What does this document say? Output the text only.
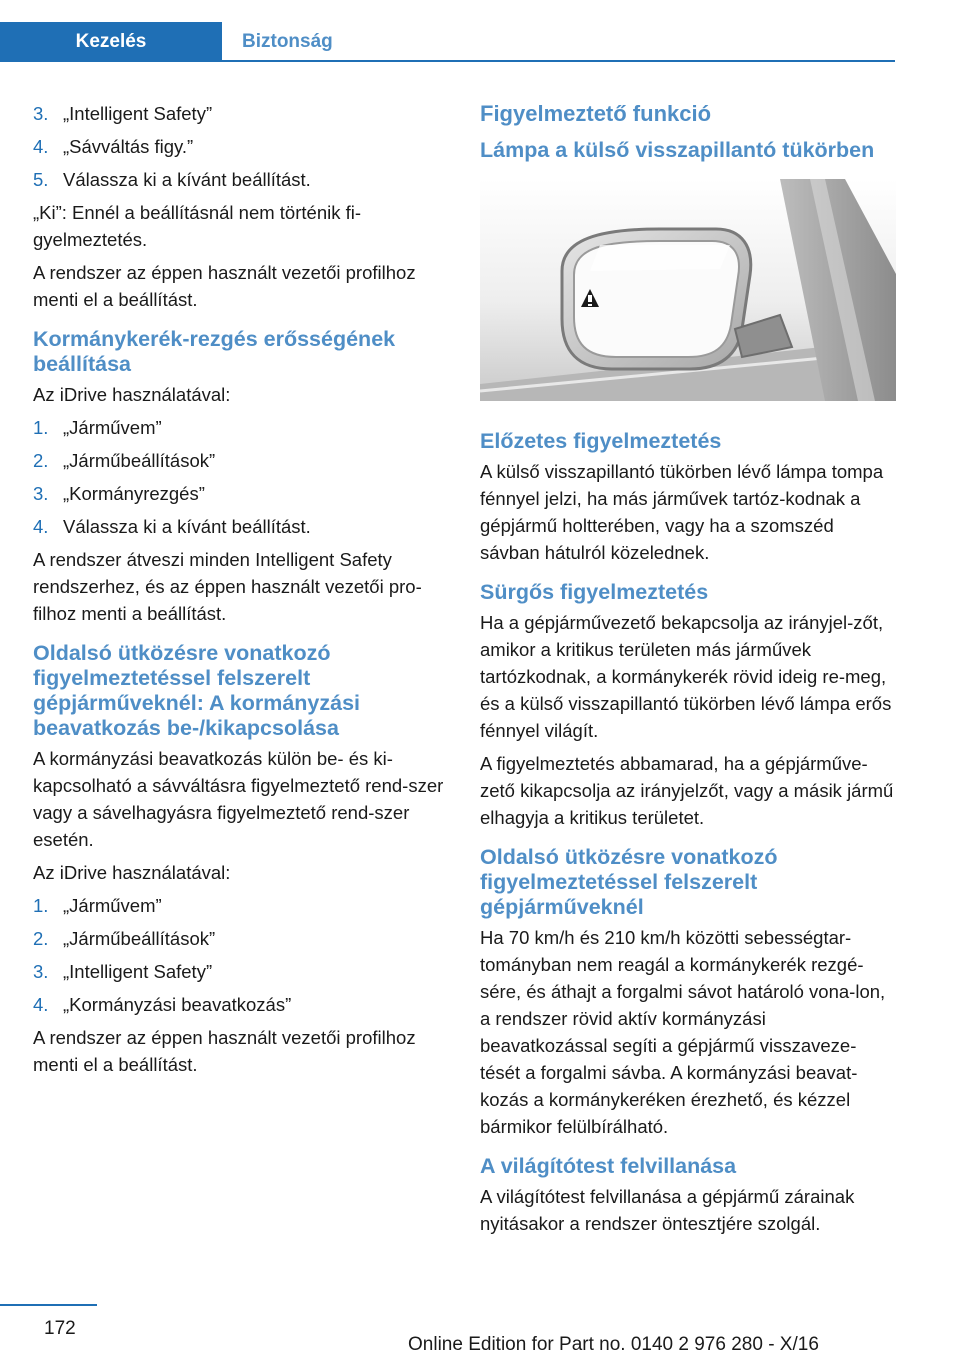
Kezelés	Biztonság
3. „Intelligent Safety”
4. „Sávváltás figy.”
5. Válassza ki a kívánt beállítást.

„Ki”: Ennél a beállításnál nem történik fi-gyelmeztetés.

A rendszer az éppen használt vezetői profilhoz menti el a beállítást.

Kormánykerék-rezgés erősségének beállítása

Az iDrive használatával:

1. „Járművem”
2. „Járműbeállítások”
3. „Kormányrezgés”
4. Válassza ki a kívánt beállítást.

A rendszer átveszi minden Intelligent Safety rendszerhez, és az éppen használt vezetői pro-filhoz menti a beállítást.

Oldalsó ütközésre vonatkozó figyelmeztetéssel felszerelt gépjárműveknél: A kormányzási beavatkozás be-/kikapcsolása

A kormányzási beavatkozás külön be- és ki-kapcsolható a sávváltásra figyelmeztető rend-szer vagy a sávelhagyásra figyelmeztető rend-szer esetén.

Az iDrive használatával:

1. „Járművem”
2. „Járműbeállítások”
3. „Intelligent Safety”
4. „Kormányzási beavatkozás”

A rendszer az éppen használt vezetői profilhoz menti el a beállítást.

Figyelmeztető funkció
Lámpa a külső visszapillantó tükörben
Előzetes figyelmeztetés

A külső visszapillantó tükörben lévő lámpa tompa fénnyel jelzi, ha más járművek tartóz-kodnak a gépjármű holtterében, vagy ha a szomszéd sávban hátulról közelednek.

Sürgős figyelmeztetés

Ha a gépjárművezető bekapcsolja az irányjel-zőt, amikor a kritikus területen más járművek tartózkodnak, a kormánykerék rövid ideig re-meg, és a külső visszapillantó tükörben lévő lámpa erős fénnyel világít.

A figyelmeztetés abbamarad, ha a gépjárműve-zető kikapcsolja az irányjelzőt, vagy a másik jármű elhagyja a kritikus területet.

Oldalsó ütközésre vonatkozó figyelmeztetéssel felszerelt gépjárműveknél

Ha 70 km/h és 210 km/h közötti sebességtar-tományban nem reagál a kormánykerék rezgé-sére, és áthajt a forgalmi sávot határoló vona-lon, a rendszer rövid aktív kormányzási beavatkozással segíti a gépjármű visszaveze-tését a forgalmi sávba. A kormányzási beavat-kozás a kormánykeréken érezhető, és kézzel bármikor felülbírálható.

A világítótest felvillanása

A világítótest felvillanása a gépjármű zárainak nyitásakor a rendszer öntesztjére szolgál.

172
Online Edition for Part no. 0140 2 976 280 - X/16
